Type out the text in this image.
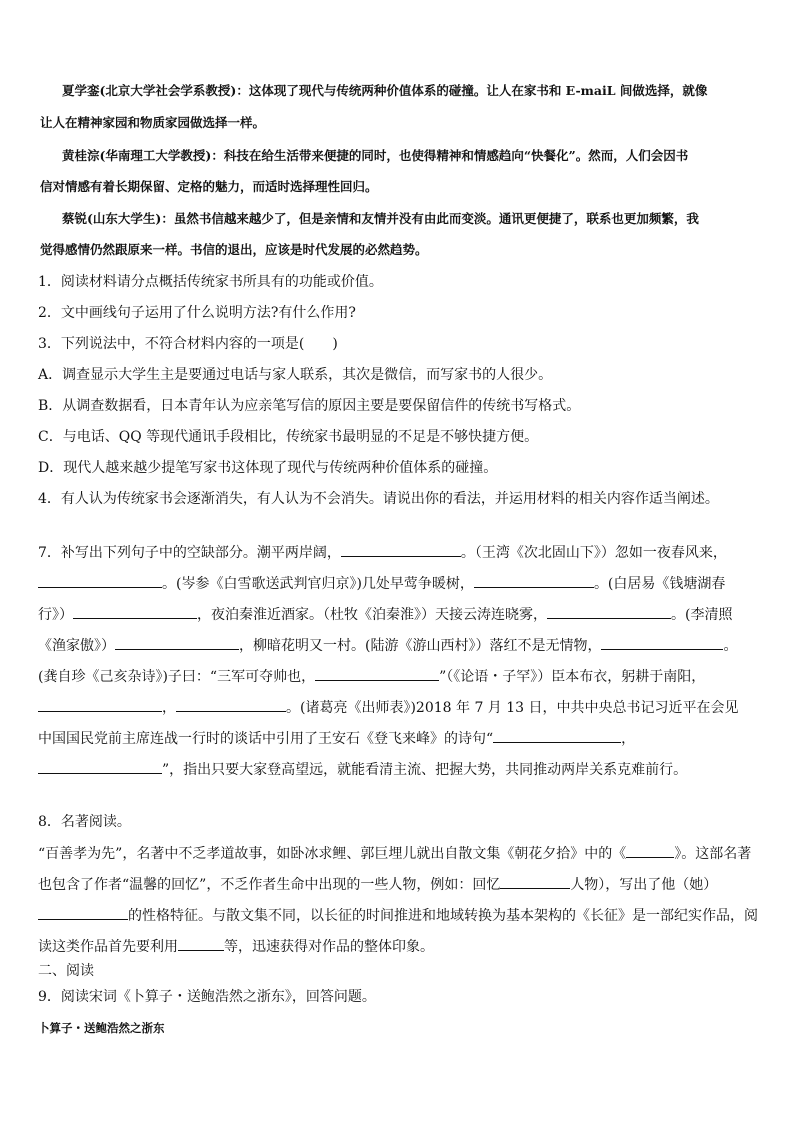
夏学銮(北京大学社会学系教授)：这体现了现代与传统两种价值体系的碰撞。让人在家书和 E-maiL 间做选择，就像
让人在精神家园和物质家园做选择一样。
黄桂淙(华南理工大学教授)：科技在给生活带来便捷的同时，也使得精神和情感趋向“快餐化”。然而，人们会因书
信对情感有着长期保留、定格的魅力，而适时选择理性回归。
蔡锐(山东大学生)：虽然书信越来越少了，但是亲情和友情并没有由此而变淡。通讯更便捷了，联系也更加频繁，我
觉得感情仍然跟原来一样。书信的退出，应该是时代发展的必然趋势。
1．阅读材料请分点概括传统家书所具有的功能或价值。
2．文中画线句子运用了什么说明方法?有什么作用?
3．下列说法中，不符合材料内容的一项是(　　)
A．调查显示大学生主是要通过电话与家人联系，其次是微信，而写家书的人很少。
B．从调查数据看，日本青年认为应亲笔写信的原因主要是要保留信件的传统书写格式。
C．与电话、QQ 等现代通讯手段相比，传统家书最明显的不足是不够快捷方便。
D．现代人越来越少提笔写家书这体现了现代与传统两种价值体系的碰撞。
4．有人认为传统家书会逐渐消失，有人认为不会消失。请说出你的看法，并运用材料的相关内容作适当阐述。
7．补写出下列句子中的空缺部分。潮平两岸阔，	。（王湾《次北固山下》）忽如一夜春风来，
。(岑参《白雪歌送武判官归京》)几处早莺争暖树，	。(白居易《钱塘湖春
行》）	，夜泊秦淮近酒家。（杜牧《泊秦淮》）天接云涛连晓雾，	。(李清照
《渔家傲》）	，柳暗花明又一村。(陆游《游山西村》）落红不是无情物，	。
(龚自珍《己亥杂诗》)子曰：“三军可夺帅也，	”（《论语・子罕》）臣本布衣，躬耕于南阳，
，	。(诸葛亮《出师表》)2018 年 7 月 13 日，中共中央总书记习近平在会见
中国国民党前主席连战一行时的谈话中引用了王安石《登飞来峰》的诗句“	，
”，指出只要大家登高望远，就能看清主流、把握大势，共同推动两岸关系克难前行。
8．名著阅读。
“百善孝为先”，名著中不乏孝道故事，如卧冰求鲤、郭巨埋儿就出自散文集《朝花夕拾》中的《	》。这部名著
也包含了作者“温馨的回忆”，不乏作者生命中出现的一些人物，例如：回忆	人物），写出了他（她）
的性格特征。与散文集不同，以长征的时间推进和地域转换为基本架构的《长征》是一部纪实作品，阅
读这类作品首先要利用	等，迅速获得对作品的整体印象。
二、阅读
9．阅读宋词《卜算子・送鲍浩然之浙东》，回答问题。
卜算子・送鲍浩然之浙东
